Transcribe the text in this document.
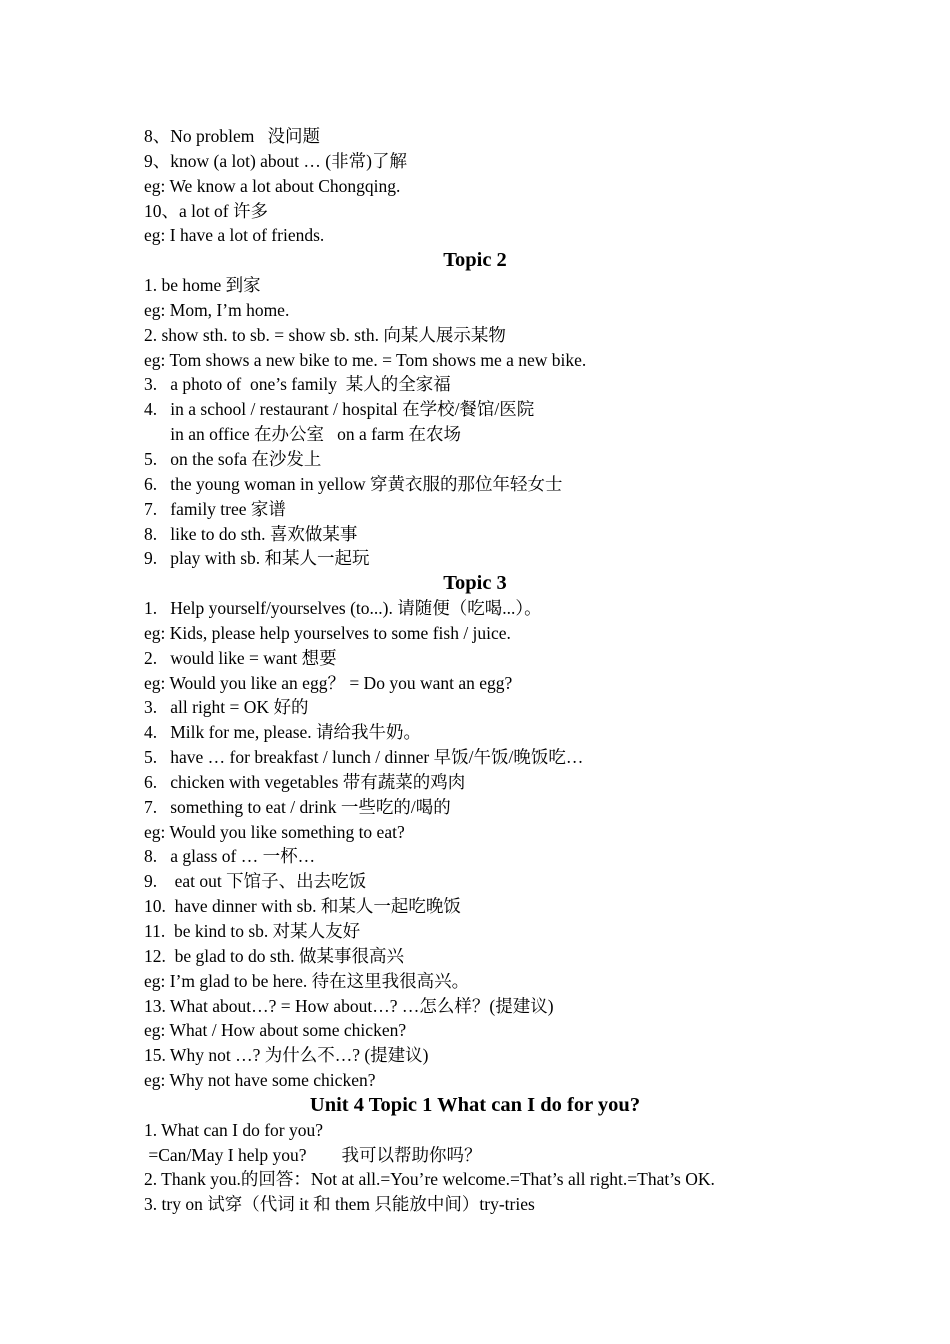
8、No problem   没问题
9、know (a lot) about … (非常)了解
eg: We know a lot about Chongqing.
10、a lot of 许多
eg: I have a lot of friends.
Topic 2
1. be home 到家
eg: Mom, I’m home.
2. show sth. to sb. = show sb. sth. 向某人展示某物
eg: Tom shows a new bike to me. = Tom shows me a new bike.
3.   a photo of  one’s family  某人的全家福
4.   in a school / restaurant / hospital 在学校/餐馆/医院
in an office 在办公室   on a farm 在农场
5.   on the sofa 在沙发上
6.   the young woman in yellow 穿黄衣服的那位年轻女士
7.   family tree 家谱
8.   like to do sth. 喜欢做某事
9.   play with sb. 和某人一起玩
Topic 3
1.   Help yourself/yourselves (to...). 请随便（吃喝...）。
eg: Kids, please help yourselves to some fish / juice.
2.   would like = want 想要
eg: Would you like an egg？ = Do you want an egg?
3.   all right = OK 好的
4.   Milk for me, please. 请给我牛奶。
5.   have … for breakfast / lunch / dinner 早饭/午饭/晚饭吃…
6.   chicken with vegetables 带有蔬菜的鸡肉
7.   something to eat / drink 一些吃的/喝的
eg: Would you like something to eat?
8.   a glass of … 一杯…
9.    eat out 下馆子、出去吃饭
10.  have dinner with sb. 和某人一起吃晚饭
11.  be kind to sb. 对某人友好
12.  be glad to do sth. 做某事很高兴
eg: I’m glad to be here. 待在这里我很高兴。
13. What about…? = How about…? …怎么样？(提建议)
eg: What / How about some chicken?
15. Why not …? 为什么不…? (提建议)
eg: Why not have some chicken?
Unit 4 Topic 1 What can I do for you?
1. What can I do for you?
=Can/May I help you?        我可以帮助你吗？
2. Thank you.的回答：Not at all.=You’re welcome.=That’s all right.=That’s OK.
3. try on 试穿（代词 it 和 them 只能放中间）try-tries
